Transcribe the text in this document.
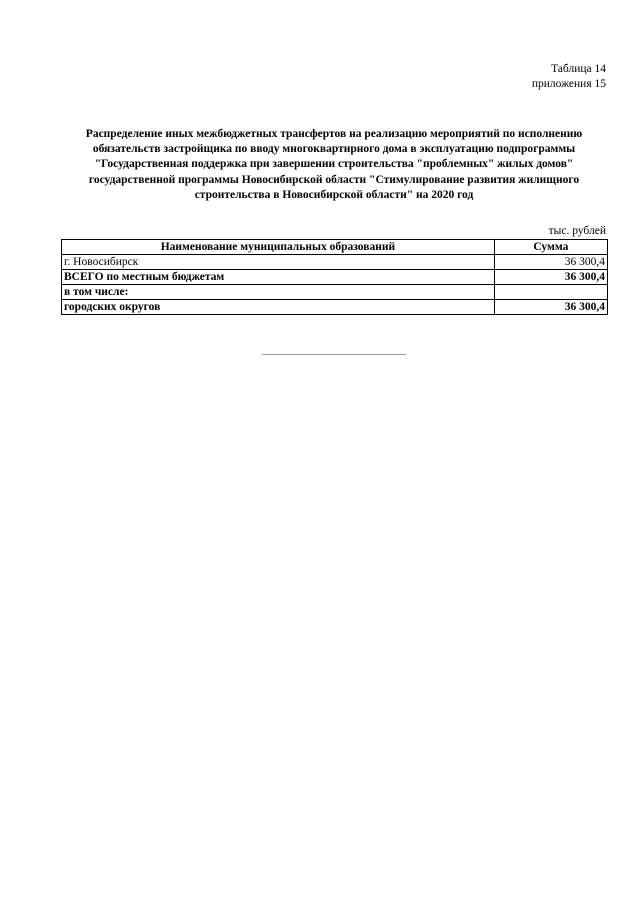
Таблица 14
приложения 15
Распределение иных межбюджетных трансфертов на реализацию мероприятий по исполнению
обязательств застройщика по вводу многоквартирного дома в эксплуатацию подпрограммы
"Государственная поддержка при завершении строительства "проблемных" жилых домов"
государственной программы Новосибирской области "Стимулирование развития жилищного
строительства в Новосибирской области" на 2020 год
тыс. рублей
Наименование муниципальных образований	Сумма
г. Новосибирск	36 300,4
ВСЕГО по местным бюджетам	36 300,4
в том числе:	
городских округов	36 300,4
